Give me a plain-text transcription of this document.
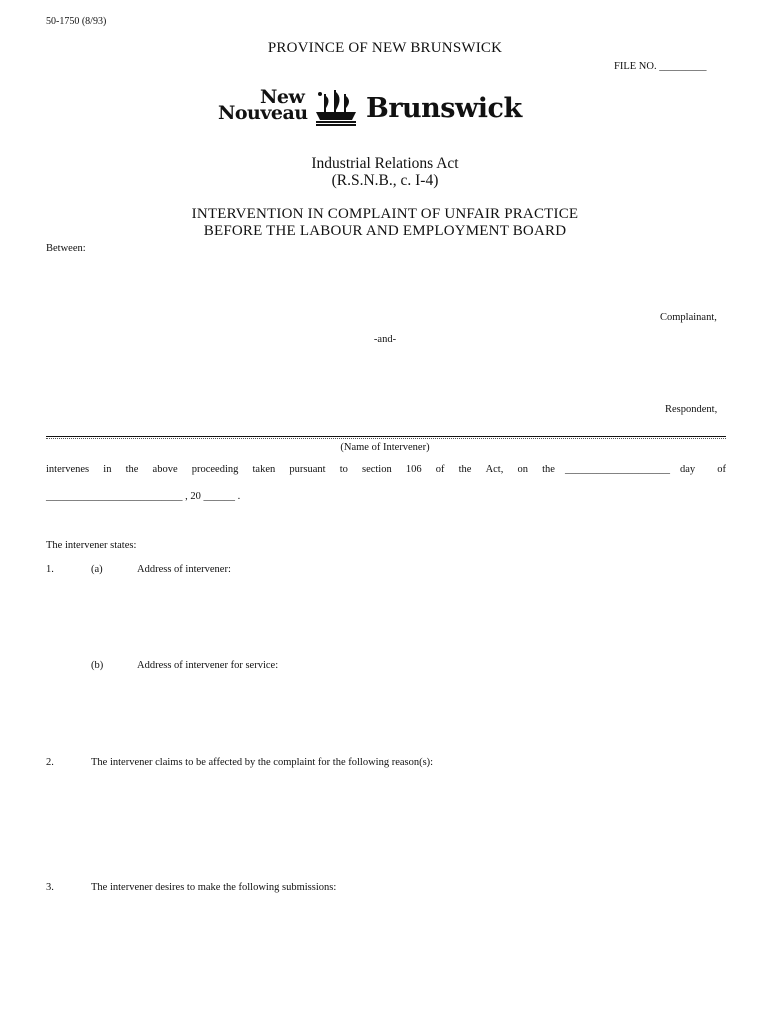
50-1750 (8/93)
PROVINCE OF NEW BRUNSWICK
FILE NO. _________
New
Nouveau Brunswick
Industrial Relations Act
(R.S.N.B., c. I-4)
INTERVENTION IN COMPLAINT OF UNFAIR PRACTICE
BEFORE THE LABOUR AND EMPLOYMENT BOARD
Between:
Complainant,
-and-
Respondent,
(Name of Intervener)
intervenes in the above proceeding taken pursuant to section 106 of the Act, on the ____________________ day of
__________________________ , 20 ______ .
The intervener states:
1.	(a)	Address of intervener:
(b)	Address of intervener for service:
2.	The intervener claims to be affected by the complaint for the following reason(s):
3.	The intervener desires to make the following submissions:
